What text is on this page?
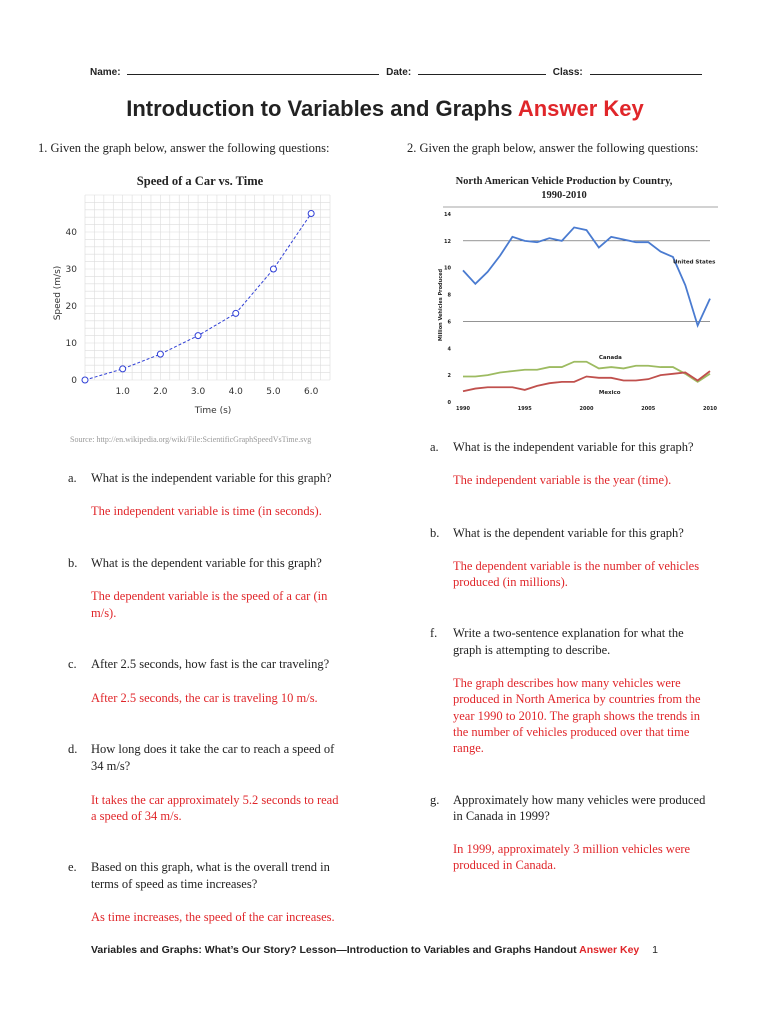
Name:	Date:	Class:
Introduction to Variables and Graphs Answer Key
1. Given the graph below, answer the following questions:	2. Given the graph below, answer the following questions:
Speed of a Car vs. Time
1.0	2.0	3.0	4.0	5.0	6.0
0
10
20
30
40
Time (s)
Speed (m/s)
Source: http://en.wikipedia.org/wiki/File:ScientificGraphSpeedVsTime.svg
North American Vehicle Production by Country,
1990-2010
0
2
4
6
8
10
12
14
1990	1995	2000	2005	2010
United States
Canada
Mexico
Million Vehicles Produced
a. What is the independent variable for this graph?
The independent variable is time (in seconds).
b. What is the dependent variable for this graph?
The dependent variable is the speed of a car (in
m/s).
c. After 2.5 seconds, how fast is the car traveling?
After 2.5 seconds, the car is traveling 10 m/s.
d. How long does it take the car to reach a speed of
34 m/s?
It takes the car approximately 5.2 seconds to read
a speed of 34 m/s.
e. Based on this graph, what is the overall trend in
terms of speed as time increases?
As time increases, the speed of the car increases.
a. What is the independent variable for this graph?
The independent variable is the year (time).
b. What is the dependent variable for this graph?
The dependent variable is the number of vehicles
produced (in millions).
f. Write a two-sentence explanation for what the
graph is attempting to describe.
The graph describes how many vehicles were
produced in North America by countries from the
year 1990 to 2010. The graph shows the trends in
the number of vehicles produced over that time
range.
g. Approximately how many vehicles were produced
in Canada in 1999?
In 1999, approximately 3 million vehicles were
produced in Canada.
Variables and Graphs: What’s Our Story? Lesson—Introduction to Variables and Graphs Handout Answer Key 1
